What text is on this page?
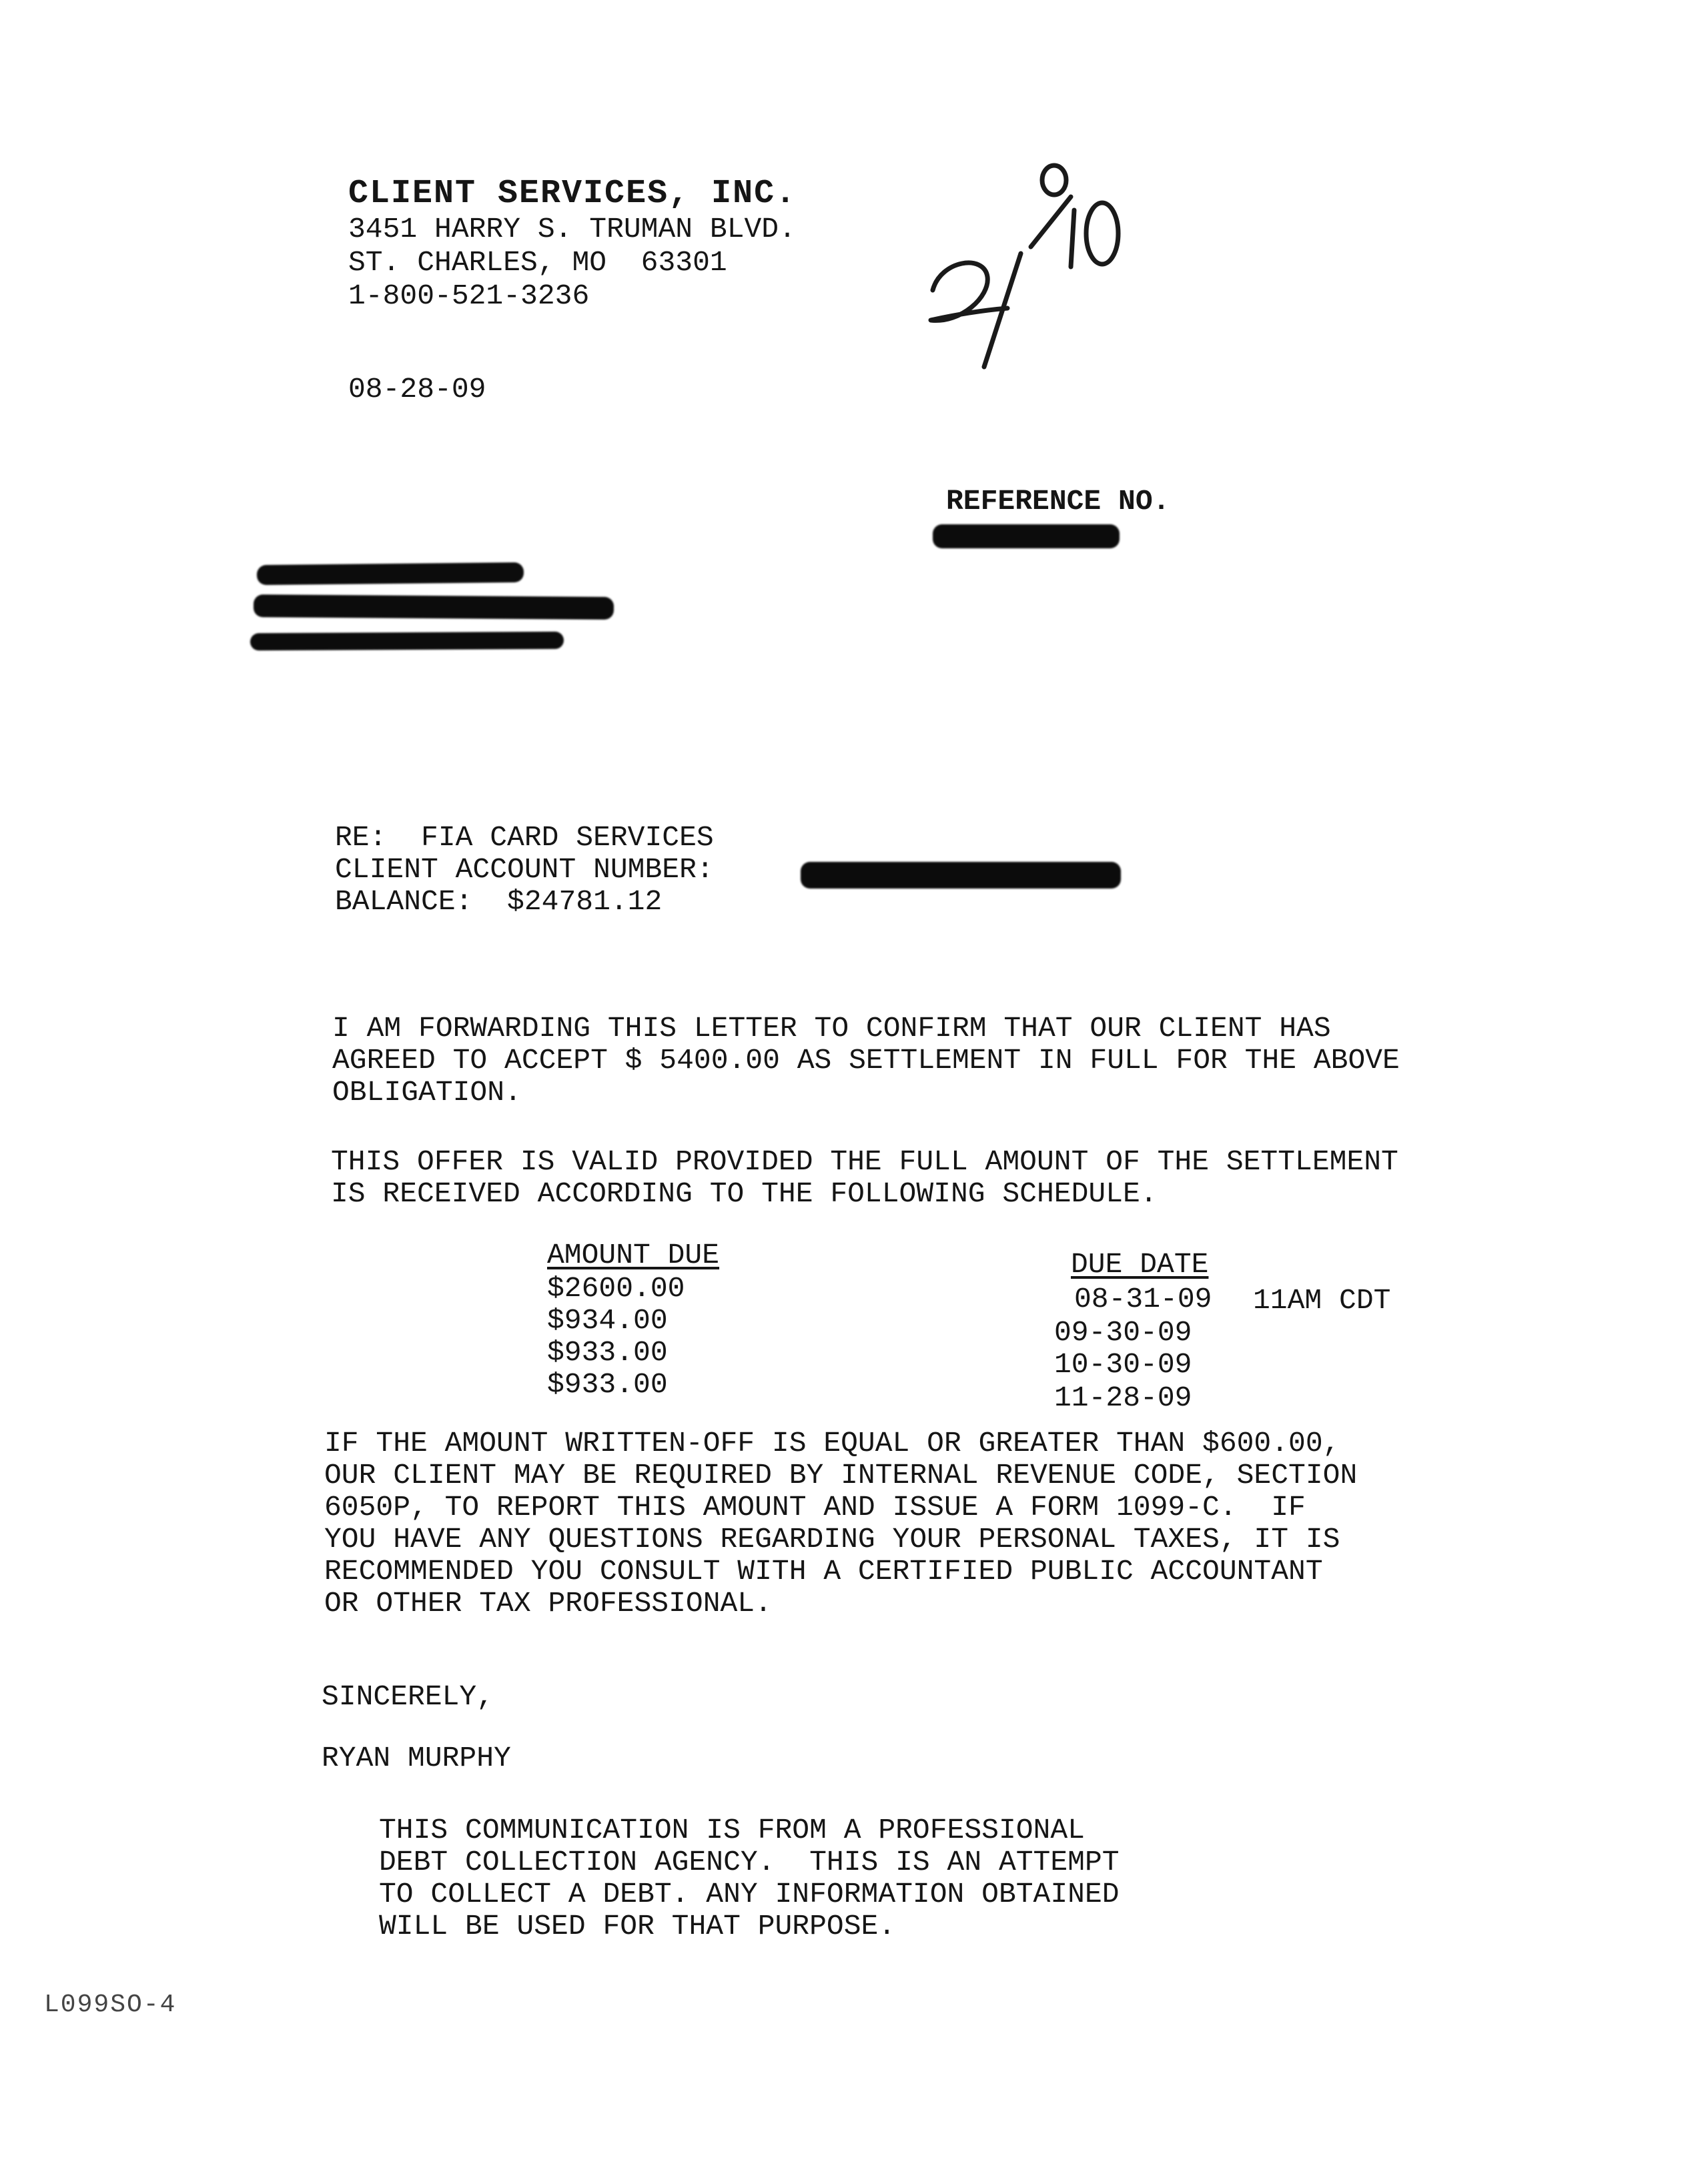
CLIENT SERVICES, INC.
3451 HARRY S. TRUMAN BLVD.
ST. CHARLES, MO  63301
1-800-521-3236
08-28-09
REFERENCE NO.
RE:  FIA CARD SERVICES
CLIENT ACCOUNT NUMBER:
BALANCE:  $24781.12
I AM FORWARDING THIS LETTER TO CONFIRM THAT OUR CLIENT HAS
AGREED TO ACCEPT $ 5400.00 AS SETTLEMENT IN FULL FOR THE ABOVE
OBLIGATION.
THIS OFFER IS VALID PROVIDED THE FULL AMOUNT OF THE SETTLEMENT
IS RECEIVED ACCORDING TO THE FOLLOWING SCHEDULE.
AMOUNT DUE	DUE DATE
$2600.00
$934.00
$933.00
$933.00
08-31-09 11AM CDT
09-30-09
10-30-09
11-28-09
IF THE AMOUNT WRITTEN-OFF IS EQUAL OR GREATER THAN $600.00,
OUR CLIENT MAY BE REQUIRED BY INTERNAL REVENUE CODE, SECTION
6050P, TO REPORT THIS AMOUNT AND ISSUE A FORM 1099-C.  IF
YOU HAVE ANY QUESTIONS REGARDING YOUR PERSONAL TAXES, IT IS
RECOMMENDED YOU CONSULT WITH A CERTIFIED PUBLIC ACCOUNTANT
OR OTHER TAX PROFESSIONAL.
SINCERELY,
RYAN MURPHY
THIS COMMUNICATION IS FROM A PROFESSIONAL
DEBT COLLECTION AGENCY.  THIS IS AN ATTEMPT
TO COLLECT A DEBT. ANY INFORMATION OBTAINED
WILL BE USED FOR THAT PURPOSE.
L099SO-4
